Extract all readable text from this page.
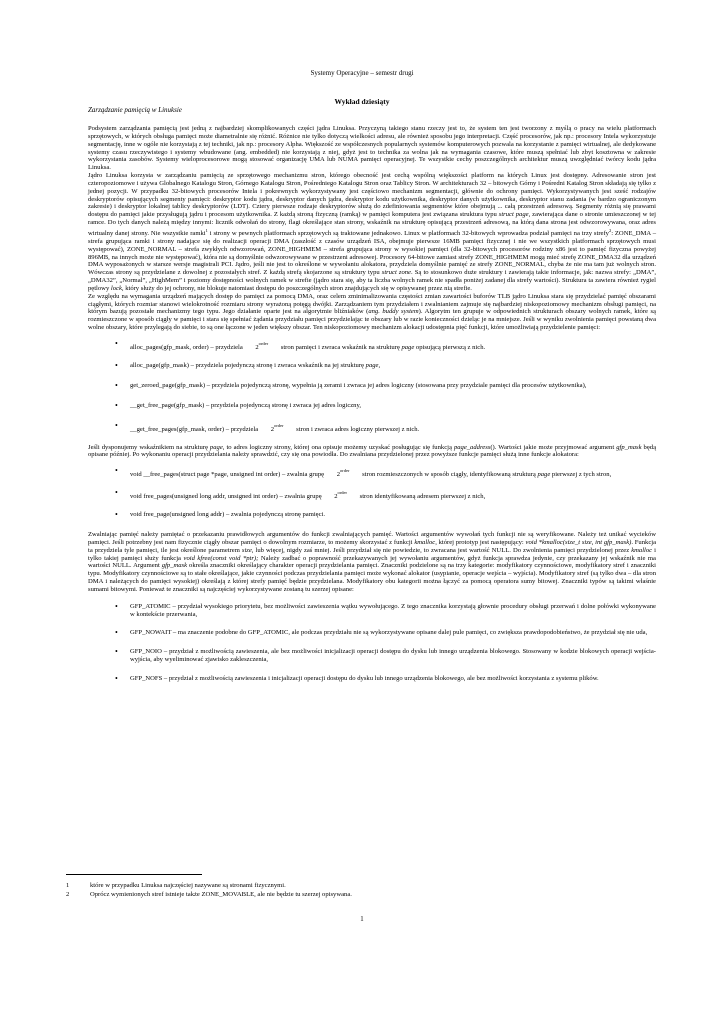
Systemy Operacyjne – semestr drugi
Wykład dziesiąty
Zarządzanie pamięcią w Linuksie

Podsystem zarządzania pamięcią jest jedną z najbardziej skomplikowanych części jądra Linuksa. Przyczyną takiego stanu rzeczy jest to, że system ten jest tworzony z myślą o pracy na wielu platformach sprzętowych, w których obsługa pamięci może diametralnie się różnić. Różnice nie tylko dotyczą wielkości adresu, ale również sposobu jego interpretacji. Część procesorów, jak np.: procesory Intela wykorzystuje segmentację, inne w ogóle nie korzystają z tej techniki, jak np.: procesory Alpha. Większość ze współczesnych popularnych systemów komputerowych pozwala na korzystanie z pamięci wirtualnej, ale dedykowane systemy czasu rzeczywistego i systemy wbudowane (ang. embedded) nie korzystają z niej, gdyż jest to technika za wolna jak na wymagania czasowe, które muszą spełniać lub zbyt kosztowna w zakresie wykorzystania zasobów. Systemy wieloprocesorowe mogą stosować organizację UMA lub NUMA pamięci operacyjnej. Te wszystkie cechy poszczególnych architektur muszą uwzględniać twórcy kodu jądra Linuksa.

Jądro Linuksa korzysta w zarządzaniu pamięcią ze sprzętowego mechanizmu stron, którego obecność jest cechą wspólną większości platform na których Linux jest dostępny. Adresowanie stron jest czteropoziomowe i używa Globalnego Katalogu Stron, Górnego Katalogu Stron, Pośredniego Katalogu Stron oraz Tablicy Stron. W architekturach 32 – bitowych Górny i Pośredni Katalog Stron składają się tylko z jednej pozycji. W przypadku 32-bitowych procesorów Intela i pokrewnych wykorzystywany jest częściowo mechanizm segmentacji, głównie do ochrony pamięci. Wykorzystywanych jest sześć rodzajów deskryptorów opisujących segmenty pamięci: deskryptor kodu jądra, deskryptor danych jądra, deskryptor kodu użytkownika, deskryptor danych użytkownika, deskryptor stanu zadania (w bardzo ograniczonym zakresie) i deskryptor lokalnej tablicy deskryptorów (LDT). Cztery pierwsze rodzaje deskryptorów służą do zdefiniowania segmentów które obejmują ... całą przestrzeń adresową. Segmenty różnią się prawami dostępu do pamięci jakie przysługują jądru i procesom użytkownika. Z każdą stroną fizyczną (ramką) w pamięci komputera jest związana struktura typu struct page, zawierająca dane o stronie umieszczonej w tej ramce. Do tych danych należą między innymi: licznik odwołań do strony, flagi określające stan strony, wskaźnik na strukturę opisującą przestrzeń adresową, na którą dana strona jest odwzorowywana, oraz adres wirtualny danej strony. Nie wszystkie ramki$^1$ i strony w pewnych platformach sprzętowych są traktowane jednakowo. Linux w platformach 32-bitowych wprowadza podział pamięci na trzy strefy$^2$: ZONE_DMA – strefa grupująca ramki i strony nadające się do realizacji operacji DMA (zaszłość z czasów urządzeń ISA, obejmuje pierwsze 16MB pamięci fizycznej i nie we wszystkich platformach sprzętowych musi występować), ZONE_NORMAL – strefa zwykłych odwzorowań, ZONE_HIGHMEM – strefa grupująca strony w wysokiej pamięci (dla 32-bitowych procesorów rodziny x86 jest to pamięć fizyczna powyżej 896MB, na innych może nie występować), która nie są domyślnie odwzorowywane w przestrzeni adresowej. Procesory 64-bitowe zamiast strefy ZONE_HIGHMEM mogą mieć strefę ZONE_DMA32 dla urządzeń DMA wyposażonych w starsze wersje magistrali PCI. Jądro, jeśli nie jest to określone w wywołaniu alokatora, przydziela domyślnie pamięć ze strefy ZONE_NORMAL, chyba że nie ma tam już wolnych stron. Wówczas strony są przydzielane z dowolnej z pozostałych stref. Z każdą strefą skojarzone są struktury typu struct zone. Są to stosunkowo duże struktury i zawierają takie informacje, jak: nazwa strefy: „DMA”, „DMA32”, „Normal”, „HighMem” i poziomy dostępności wolnych ramek w strefie (jądro stara się, aby ta liczba wolnych ramek nie spadła poniżej zadanej dla strefy wartości). Struktura ta zawiera również rygiel pętlowy lock, który służy do jej ochrony, nie blokuje natomiast dostępu do poszczególnych stron znajdujących się w opisywanej przez nią strefie.

Ze względu na wymagania urządzeń mających dostęp do pamięci za pomocą DMA, oraz celem zminimalizowania częstości zmian zawartości buforów TLB jądro Linuksa stara się przydzielać pamięć obszarami ciągłymi, których rozmiar stanowi wielokrotność rozmiaru strony wyrażoną potęgą dwójki. Zarządzaniem tym przydziałem i zwalnianiem zajmuje się najbardziej niskopoziomowy mechanizm obsługi pamięci, na którym bazują pozostałe mechanizmy tego typu. Jego działanie oparte jest na algorytmie bliźniaków (ang. buddy system). Algorytm ten grupuje w odpowiednich strukturach obszary wolnych ramek, które są rozmieszczone w sposób ciągły w pamięci i stara się spełniać żądania przydziału pamięci przydzielając te obszary lub w razie konieczności dzieląc je na mniejsze. Jeśli w wyniku zwolnienia pamięci powstaną dwa wolne obszary, które przylegają do siebie, to są one łączone w jeden większy obszar. Ten niskopoziomowy mechanizm alokacji udostępnia pięć funkcji, które umożliwiają przydzielenie pamięci:

• alloc_pages(gfp_mask, order) – przydziela $2^{order}stron$ pamięci i zwraca wskaźnik na strukturę page opisującą pierwszą z nich.
• alloc_page(gfp_mask) – przydziela pojedynczą stronę i zwraca wskaźnik na jej strukturę page,
• get_zeroed_page(gfp_mask) – przydziela pojedynczą stronę, wypełnia ją zerami i zwraca jej adres logiczny (stosowana przy przydziale pamięci dla procesów użytkownika),
• __get_free_page(gfp_mask) – przydziela pojedynczą stronę i zwraca jej adres logiczny,
• __get_free_pages(gfp_mask, order) – przydziela $2^{order}stron$ i zwraca adres logiczny pierwszej z nich.

Jeśli dysponujemy wskaźnikiem na strukturę page, to adres logiczny strony, której ona opisuje możemy uzyskać posługując się funkcją page_address(). Wartości jakie może przyjmować argument gfp_mask będą opisane później. Po wykonaniu operacji przydzielania należy sprawdzić, czy się ona powiodła. Do zwalniana przydzielonej przez powyższe funkcje pamięci służą inne funkcje alokatora:

• void __free_pages(struct page *page, unsigned int order) – zwalnia grupę $2^{order}stron$ rozmieszczonych w sposób ciągły, identyfikowaną strukturą page pierwszej z tych stron,
• void free_pages(unsigned long addr, unsigned int order) – zwalnia grupę $2^{order}stron$ identyfikowaną adresem pierwszej z nich,
• void free_page(unsigned long addr) – zwalnia pojedynczą stronę pamięci.

Zwalniając pamięć należy pamiętać o przekazaniu prawidłowych argumentów do funkcji zwalniających pamięć. Wartości argumentów wywołań tych funkcji nie są weryfikowane. Należy też unikać wycieków pamięci. Jeśli potrzebny jest nam fizycznie ciągły obszar pamięci o dowolnym rozmiarze, to możemy skorzystać z funkcji kmalloc, której prototyp jest następujący: void *kmalloc(size_t size, int gfp_mask). Funkcja ta przydziela tyle pamięci, ile jest określone parametrem size, lub więcej, nigdy zaś mniej. Jeśli przydział się nie powiedzie, to zwracana jest wartość NULL. Do zwolnienia pamięci przydzielonej przez kmalloc i tylko takiej pamięci służy funkcja void kfree(const void *ptr); Należy zadbać o poprawność przekazywanych jej wywołaniu argumentów, gdyż funkcja sprawdza jedynie, czy przekazany jej wskaźnik nie ma wartości NULL. Argument gfp_mask określa znaczniki określający charakter operacji przydzielania pamięci. Znaczniki podzielone są na trzy kategorie: modyfikatory czynnościowe, modyfikatory stref i znaczniki typu. Modyfikatory czynnościowe są to stałe określające, jakie czynności podczas przydzielania pamięci może wykonać alokator (usypianie, operacje wejścia – wyjścia). Modyfikatory stref (są tylko dwa – dla stron DMA i należących do pamięci wysokiej) określają z której strefy pamięć będzie przydzielana. Modyfikatory obu kategorii można łączyć za pomocą operatora sumy bitowej. Znaczniki typów są takimi właśnie sumami bitowymi. Ponieważ te znaczniki są najczęściej wykorzystywane zostaną tu szerzej opisane:

• GFP_ATOMIC – przydział wysokiego priorytetu, bez możliwości zawieszenia wątku wywołującego. Z tego znacznika korzystają głownie procedury obsługi przerwań i dolne połówki wykonywane w kontekście przerwania,
• GFP_NOWAIT – ma znaczenie podobne do GFP_ATOMIC, ale podczas przydziału nie są wykorzystywane opisane dalej pule pamięci, co zwiększa prawdopodobieństwo, że przydział się nie uda,
• GFP_NOIO – przydział z możliwością zawieszenia, ale bez możliwości inicjalizacji operacji dostępu do dysku lub innego urządzenia blokowego. Stosowany w kodzie blokowych operacji wejścia-wyjścia, aby wyeliminować zjawisko zakleszczenia,
• GFP_NOFS – przydział z możliwością zawieszenia i inicjalizacji operacji dostępu do dysku lub innego urządzenia blokowego, ale bez możliwości korzystania z systemu plików.
1	które w przypadku Linuksa najczęściej nazywane są stronami fizycznymi.
2	Oprócz wymienionych stref istnieje także ZONE_MOVABLE, ale nie będzie tu szerzej opisywana.
1
